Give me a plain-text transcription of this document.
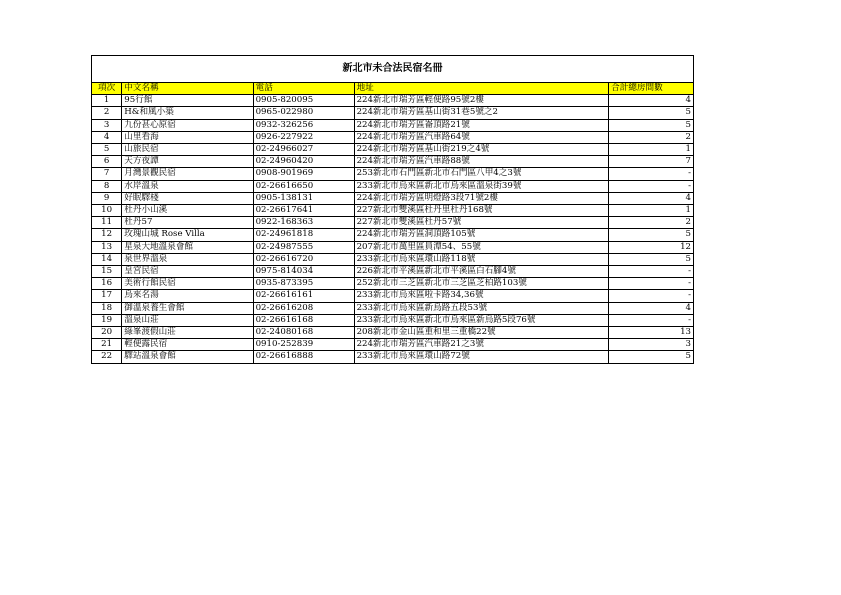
新北市未合法民宿名冊				
項次	中文名稱	電話	地址	合計總房間數
1	95行館	0905-820095	224新北市瑞芳區輕便路95號2樓	4
2	H&和風小築	0965-022980	224新北市瑞芳區基山街31巷5號之2	5
3	九份甚心原宿	0932-326256	224新北市瑞芳區崙頂路21號	5
4	山里看海	0926-227922	224新北市瑞芳區汽車路64號	2
5	山旅民宿	02-24966027	224新北市瑞芳區基山街219之4號	1
6	天方夜譚	02-24960420	224新北市瑞芳區汽車路88號	7
7	月灣景觀民宿	0908-901969	253新北市石門區新北市石門區八甲4之3號	-
8	水岸溫泉	02-26616650	233新北市烏來區新北市烏來區溫泉街39號	-
9	好眠驛棧	0905-138131	224新北市瑞芳區明燈路3段71號2樓	4
10	杜丹小山溪	02-26617641	227新北市雙溪區杜丹里杜丹168號	1
11	杜丹57	0922-168363	227新北市雙溪區杜丹57號	2
12	玫瑰山城 Rose Villa	02-24961818	224新北市瑞芳區洞頂路105號	5
13	星泉大地溫泉會館	02-24987555	207新北市萬里區員潭54、55號	12
14	泉世界溫泉	02-26616720	233新北市烏來區環山路118號	5
15	皇宮民宿	0975-814034	226新北市平溪區新北市平溪區白石腳4號	-
16	美術行館民宿	0935-873395	252新北市三芝區新北市三芝區芝柏路103號	-
17	烏來名湯	02-26616161	233新北市烏來區啦卡路34,36號	-
18	御溫泉養生會館	02-26616208	233新北市烏來區新烏路五段53號	4
19	溫泉山莊	02-26616168	233新北市烏來區新北市烏來區新烏路5段76號	-
20	綠峯渡假山莊	02-24080168	208新北市金山區重和里三重橋22號	13
21	輕便露民宿	0910-252839	224新北市瑞芳區汽車路21之3號	3
22	驛站溫泉會館	02-26616888	233新北市烏來區環山路72號	5
